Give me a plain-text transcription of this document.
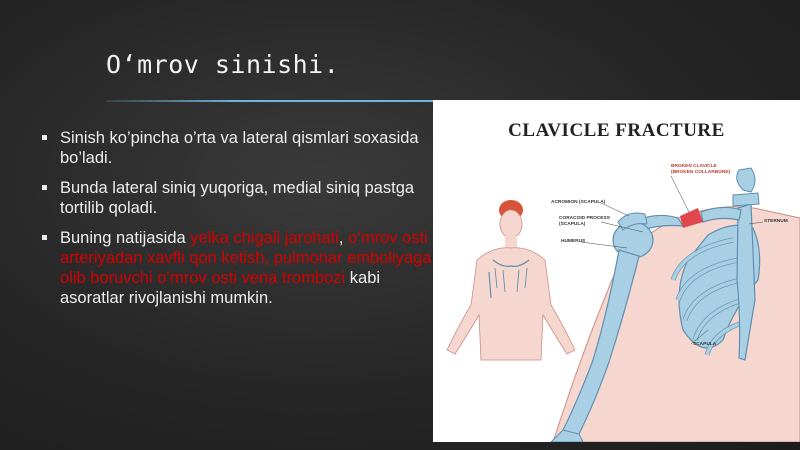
O‘mrov sinishi.
Sinish ko’pincha o’rta va lateral qismlari soxasida bo’ladi.
Bunda lateral siniq yuqoriga, medial siniq pastga tortilib qoladi.
Buning natijasida yelka chigali jarohati, o‘mrov osti arteriyadan xavfli qon ketish, pulmonar emboliyaga olib boruvchi o‘mrov osti vena trombozi kabi asoratlar rivojlanishi mumkin.
CLAVICLE FRACTURE
BROKEN CLAVICLE
(BROKEN COLLARBONE)
ACROMION (SCAPULA)
CORACOID PROCESS
(SCAPULA)
HUMERUS
STERNUM
SCAPULA
